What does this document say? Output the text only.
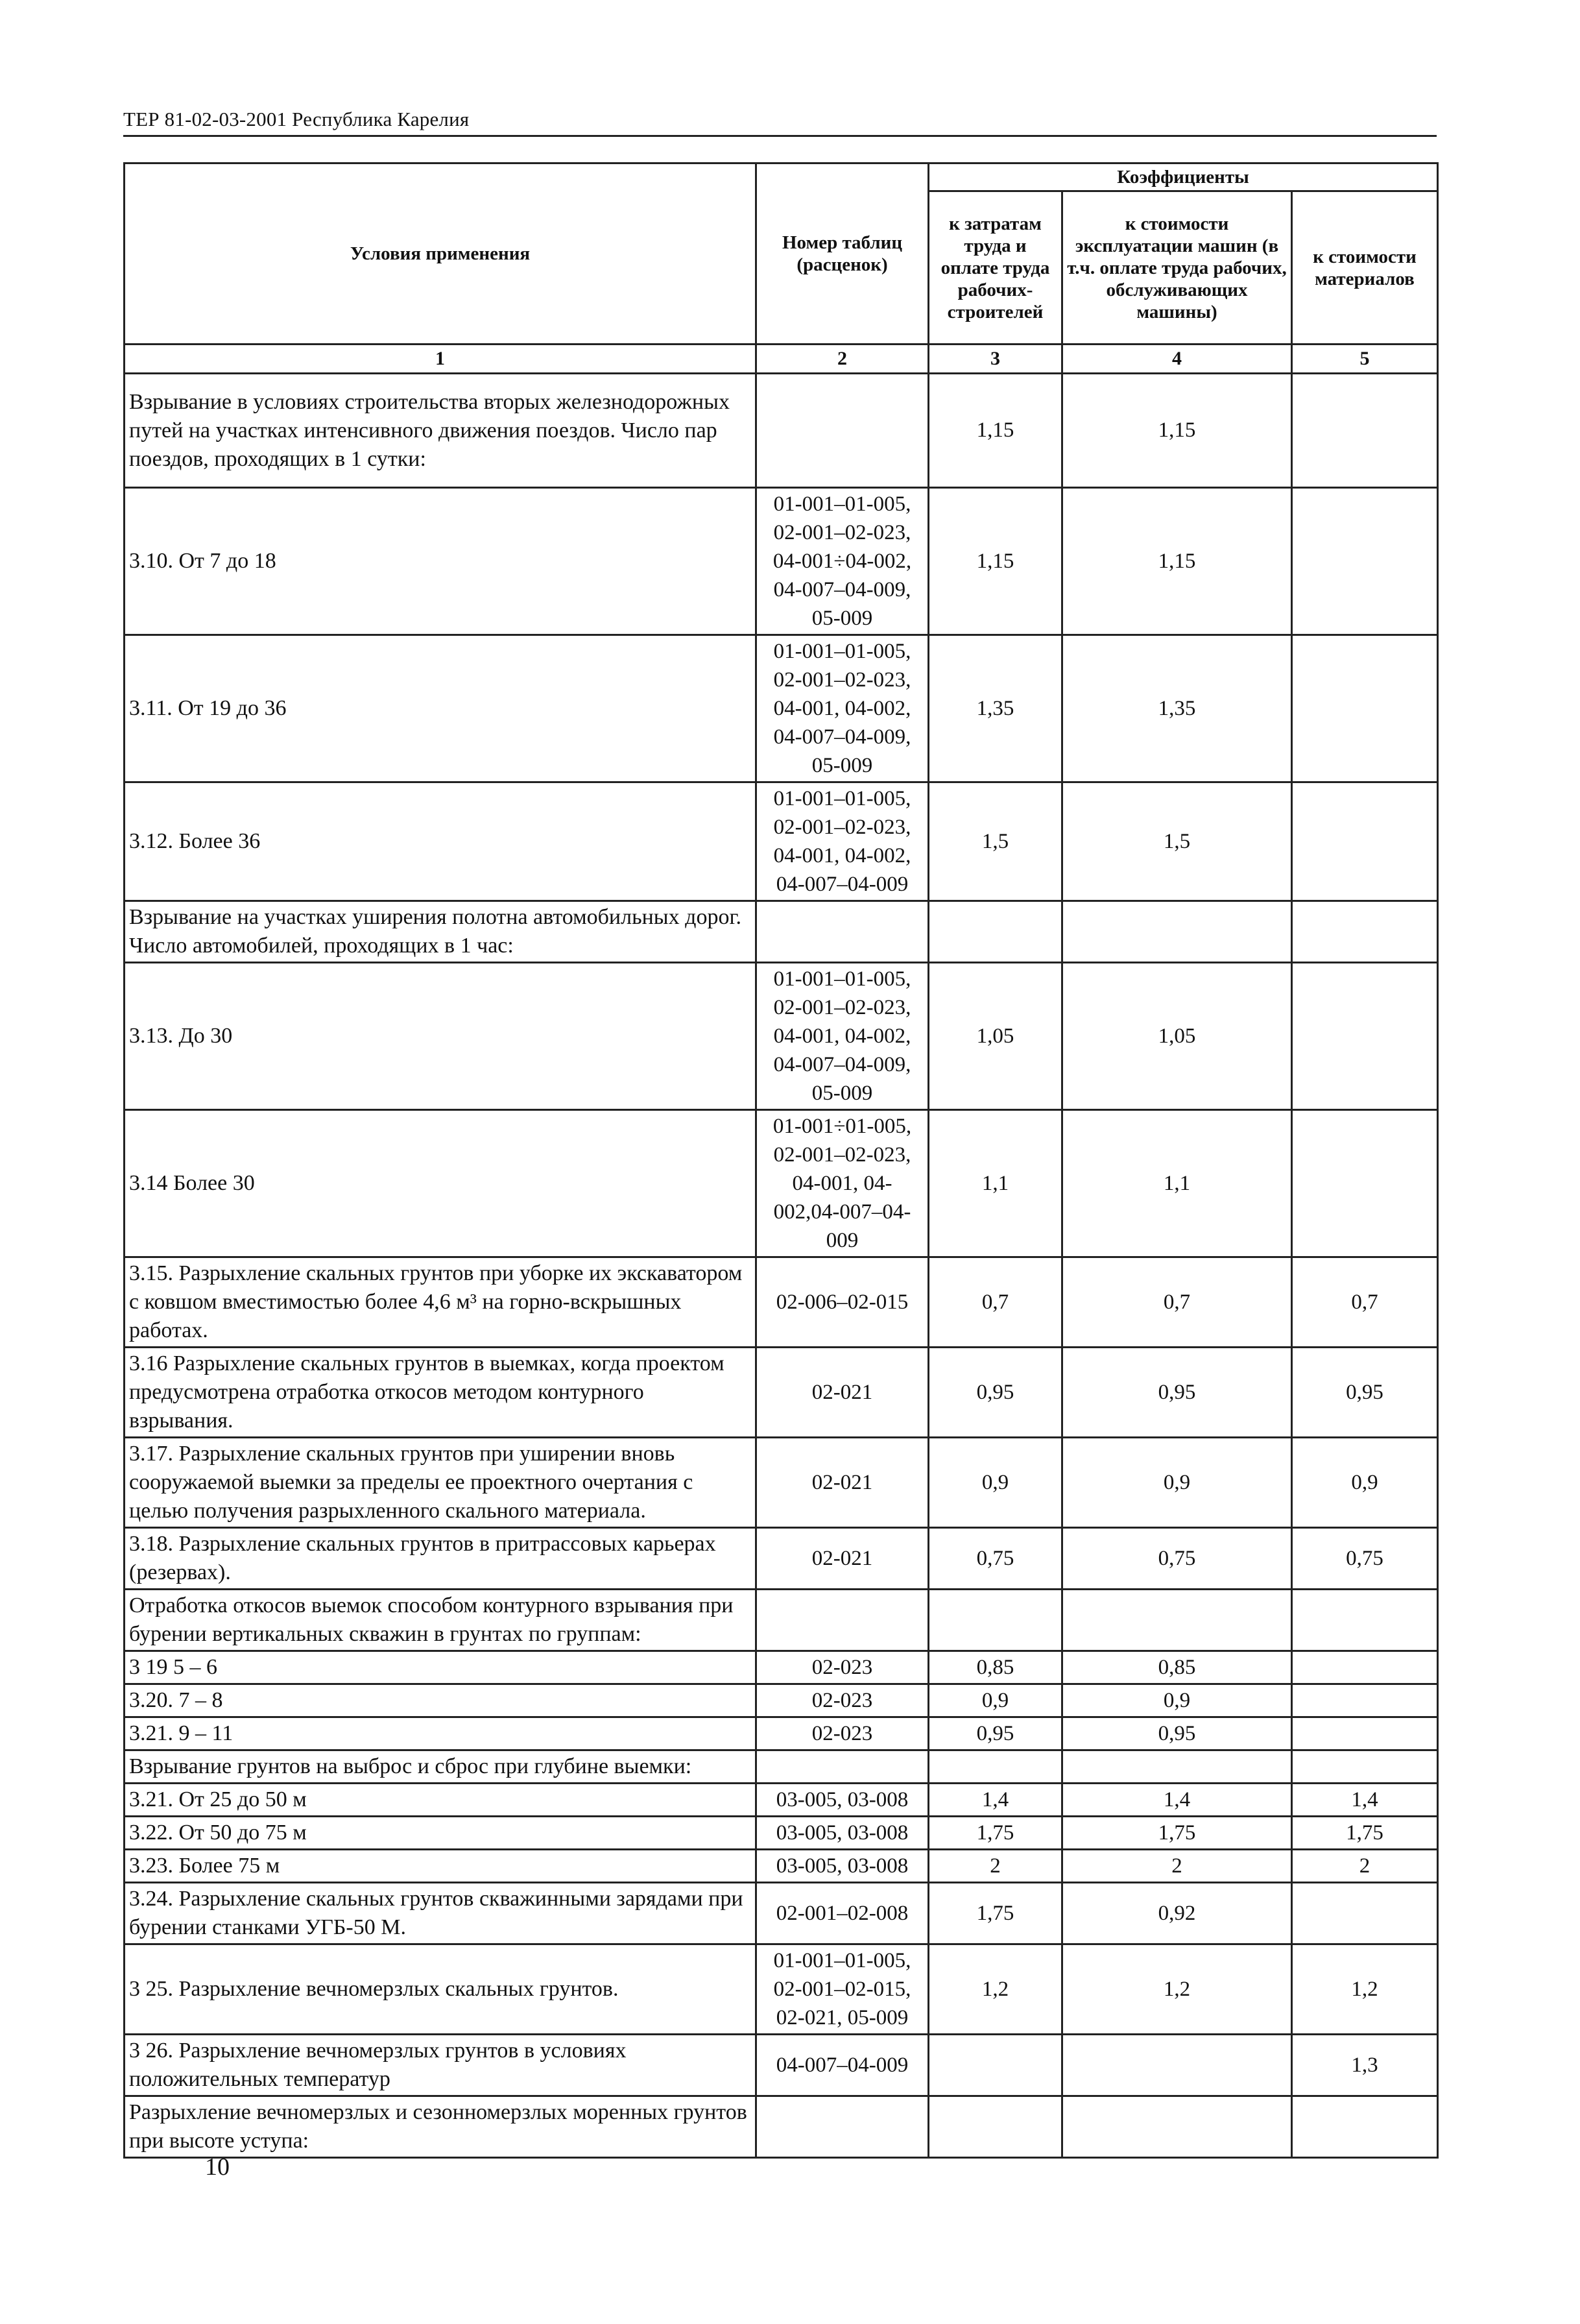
ТЕР 81-02-03-2001 Республика Карелия
Условия применения	Номер таблиц (расценок)	Коэффициенты		
		к затратам труда и оплате труда рабочих-строителей	к стоимости эксплуатации машин (в т.ч. оплате труда рабочих, обслуживающих машины)	к стоимости материалов
1	2	3	4	5
Взрывание в условиях строительства вторых железнодорожных путей на участках интенсивного движения поездов. Число пар поездов, проходящих в 1 сутки:		1,15	1,15	
3.10. От 7 до 18	01-001–01-005, 02-001–02-023, 04-001÷04-002, 04-007–04-009, 05-009	1,15	1,15	
3.11. От 19 до 36	01-001–01-005, 02-001–02-023, 04-001, 04-002, 04-007–04-009, 05-009	1,35	1,35	
3.12. Более 36	01-001–01-005, 02-001–02-023, 04-001, 04-002, 04-007–04-009	1,5	1,5	
Взрывание на участках уширения полотна автомобильных дорог. Число автомобилей, проходящих в 1 час:				
3.13. До 30	01-001–01-005, 02-001–02-023, 04-001, 04-002, 04-007–04-009, 05-009	1,05	1,05	
3.14 Более 30	01-001÷01-005, 02-001–02-023, 04-001, 04-002,04-007–04-009	1,1	1,1	
3.15. Разрыхление скальных грунтов при уборке их экскаватором с ковшом вместимостью более 4,6 м³ на горно-вскрышных работах.	02-006–02-015	0,7	0,7	0,7
3.16 Разрыхление скальных грунтов в выемках, когда проектом предусмотрена отработка откосов методом контурного взрывания.	02-021	0,95	0,95	0,95
3.17. Разрыхление скальных грунтов при уширении вновь сооружаемой выемки за пределы ее проектного очертания с целью получения разрыхленного скального материала.	02-021	0,9	0,9	0,9
3.18. Разрыхление скальных грунтов в притрассовых карьерах (резервах).	02-021	0,75	0,75	0,75
Отработка откосов выемок способом контурного взрывания при бурении вертикальных скважин в грунтах по группам:				
3 19 5 – 6	02-023	0,85	0,85	
3.20. 7 – 8	02-023	0,9	0,9	
3.21. 9 – 11	02-023	0,95	0,95	
Взрывание грунтов на выброс и сброс при глубине выемки:				
3.21. От 25 до 50 м	03-005, 03-008	1,4	1,4	1,4
3.22. От 50 до 75 м	03-005, 03-008	1,75	1,75	1,75
3.23. Более 75 м	03-005, 03-008	2	2	2
3.24. Разрыхление скальных грунтов скважинными зарядами при бурении станками УГБ-50 М.	02-001–02-008	1,75	0,92	
3 25. Разрыхление вечномерзлых скальных грунтов.	01-001–01-005, 02-001–02-015, 02-021, 05-009	1,2	1,2	1,2
3 26. Разрыхление вечномерзлых грунтов в условиях положительных температур	04-007–04-009			1,3
Разрыхление вечномерзлых и сезонномерзлых моренных грунтов при высоте уступа:				
10
